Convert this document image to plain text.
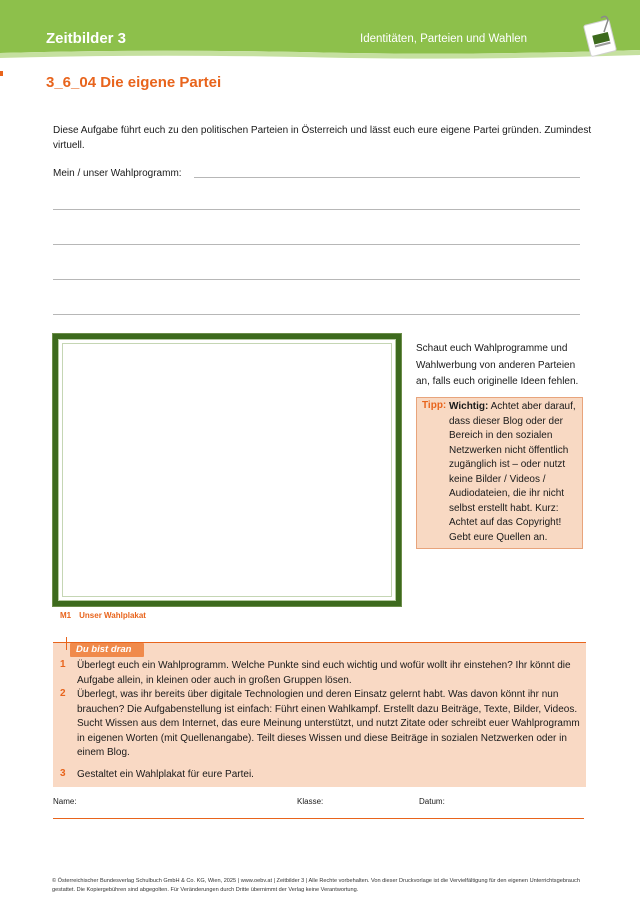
Zeitbilder 3	Identitäten, Parteien und Wahlen
3_6_04 Die eigene Partei
Diese Aufgabe führt euch zu den politischen Parteien in Österreich und lässt euch eure eigene Partei gründen. Zumindest virtuell.
Mein / unser Wahlprogramm:
Schaut euch Wahlprogramme und Wahlwerbung von anderen Parteien an, falls euch originelle Ideen fehlen.
Tipp: Wichtig: Achtet aber darauf, dass dieser Blog oder der Bereich in den sozialen Netzwerken nicht öffentlich zugänglich ist – oder nutzt keine Bilder / Videos / Audiodateien, die ihr nicht selbst erstellt habt. Kurz: Achtet auf das Copyright! Gebt eure Quellen an.
M1 Unser Wahlplakat
Du bist dran
1 Überlegt euch ein Wahlprogramm. Welche Punkte sind euch wichtig und wofür wollt ihr einstehen? Ihr könnt die Aufgabe allein, in kleinen oder auch in großen Gruppen lösen.
2 Überlegt, was ihr bereits über digitale Technologien und deren Einsatz gelernt habt. Was davon könnt ihr nun brauchen? Die Aufgabenstellung ist einfach: Führt einen Wahlkampf. Erstellt dazu Beiträge, Texte, Bilder, Videos. Sucht Wissen aus dem Internet, das eure Meinung unterstützt, und nutzt Zitate oder schreibt euer Wahlprogramm in eigenen Worten (mit Quellenangabe). Teilt dieses Wissen und diese Beiträge in sozialen Netzwerken oder in einem Blog.
3 Gestaltet ein Wahlplakat für eure Partei.
Name:	Klasse:	Datum:
© Österreichischer Bundesverlag Schulbuch GmbH & Co. KG, Wien, 2025 | www.oebv.at | Zeitbilder 3 | Alle Rechte vorbehalten. Von dieser Druckvorlage ist die Vervielfältigung für den eigenen Unterrichtsgebrauch gestattet. Die Kopiergebühren sind abgegolten. Für Veränderungen durch Dritte übernimmt der Verlag keine Verantwortung.
